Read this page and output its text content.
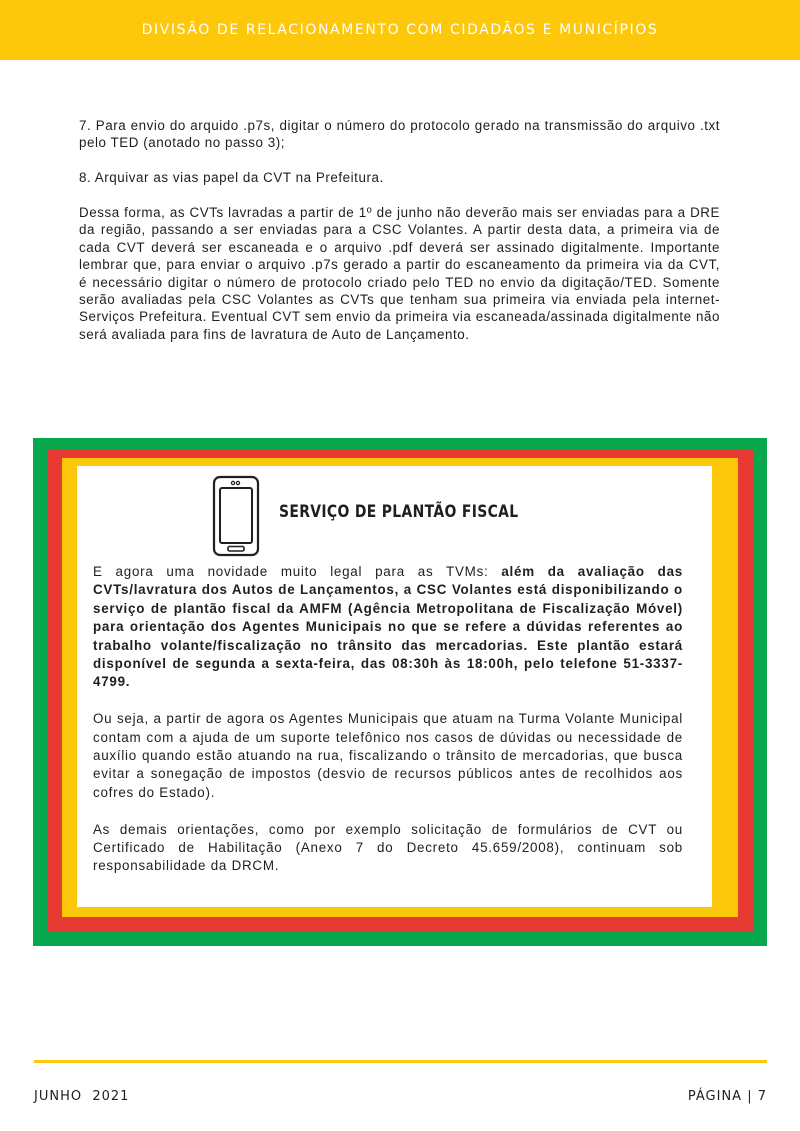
DIVISÃO DE RELACIONAMENTO COM CIDADÃOS E MUNICÍPIOS

7. Para envio do arquido .p7s, digitar o número do protocolo gerado na transmissão do arquivo .txt pelo TED (anotado no passo 3);

8. Arquivar as vias papel da CVT na Prefeitura.

Dessa forma, as CVTs lavradas a partir de 1º de junho não deverão mais ser enviadas para a DRE da região, passando a ser enviadas para a CSC Volantes. A partir desta data, a primeira via de cada CVT deverá ser escaneada e o arquivo .pdf deverá ser assinado digitalmente. Importante lembrar que, para enviar o arquivo .p7s gerado a partir do escaneamento da primeira via da CVT, é necessário digitar o número de protocolo criado pelo TED no envio da digitação/TED. Somente serão avaliadas pela CSC Volantes as CVTs que tenham sua primeira via enviada pela internet- Serviços Prefeitura. Eventual CVT sem envio da primeira via escaneada/assinada digitalmente não será avaliada para fins de lavratura de Auto de Lançamento.

SERVIÇO DE PLANTÃO FISCAL

E agora uma novidade muito legal para as TVMs: além da avaliação das CVTs/lavratura dos Autos de Lançamentos, a CSC Volantes está disponibilizando o serviço de plantão fiscal da AMFM (Agência Metropolitana de Fiscalização Móvel) para orientação dos Agentes Municipais no que se refere a dúvidas referentes ao trabalho volante/fiscalização no trânsito das mercadorias. Este plantão estará disponível de segunda a sexta-feira, das 08:30h às 18:00h, pelo telefone 51-3337-4799.

Ou seja, a partir de agora os Agentes Municipais que atuam na Turma Volante Municipal contam com a ajuda de um suporte telefônico nos casos de dúvidas ou necessidade de auxílio quando estão atuando na rua, fiscalizando o trânsito de mercadorias, que busca evitar a sonegação de impostos (desvio de recursos públicos antes de recolhidos aos cofres do Estado).

As demais orientações, como por exemplo solicitação de formulários de CVT ou Certificado de Habilitação (Anexo 7 do Decreto 45.659/2008), continuam sob responsabilidade da DRCM.

JUNHO  2021	PÁGINA | 7
